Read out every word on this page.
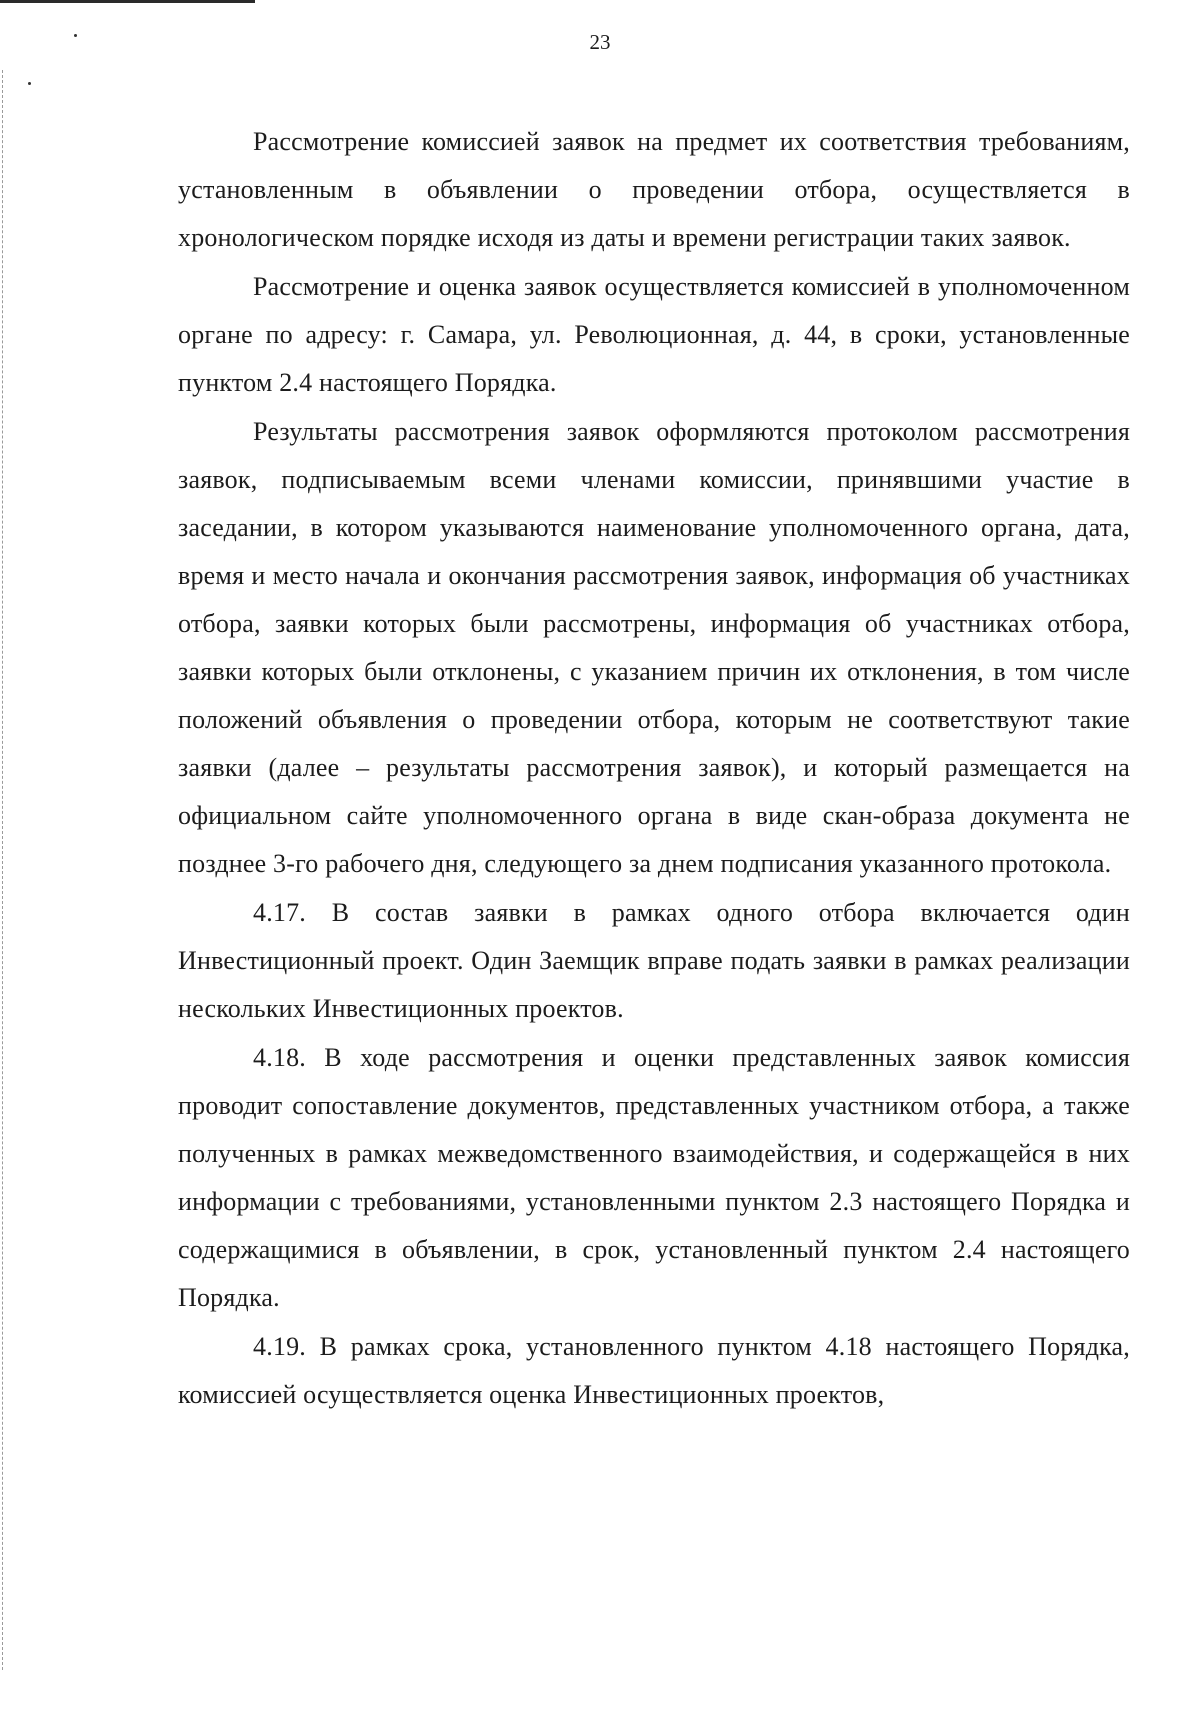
23

Рассмотрение комиссией заявок на предмет их соответствия требованиям, установленным в объявлении о проведении отбора, осуществляется в хронологическом порядке исходя из даты и времени регистрации таких заявок.

Рассмотрение и оценка заявок осуществляется комиссией в уполномоченном органе по адресу: г. Самара, ул. Революционная, д. 44, в сроки, установленные пунктом 2.4 настоящего Порядка.

Результаты рассмотрения заявок оформляются протоколом рассмотрения заявок, подписываемым всеми членами комиссии, принявшими участие в заседании, в котором указываются наименование уполномоченного органа, дата, время и место начала и окончания рассмотрения заявок, информация об участниках отбора, заявки которых были рассмотрены, информация об участниках отбора, заявки которых были отклонены, с указанием причин их отклонения, в том числе положений объявления о проведении отбора, которым не соответствуют такие заявки (далее – результаты рассмотрения заявок), и который размещается на официальном сайте уполномоченного органа в виде скан-образа документа не позднее 3-го рабочего дня, следующего за днем подписания указанного протокола.

4.17. В состав заявки в рамках одного отбора включается один Инвестиционный проект. Один Заемщик вправе подать заявки в рамках реализации нескольких Инвестиционных проектов.

4.18. В ходе рассмотрения и оценки представленных заявок комиссия проводит сопоставление документов, представленных участником отбора, а также полученных в рамках межведомственного взаимодействия, и содержащейся в них информации с требованиями, установленными пунктом 2.3 настоящего Порядка и содержащимися в объявлении, в срок, установленный пунктом 2.4 настоящего Порядка.

4.19. В рамках срока, установленного пунктом 4.18 настоящего Порядка, комиссией осуществляется оценка Инвестиционных проектов,
